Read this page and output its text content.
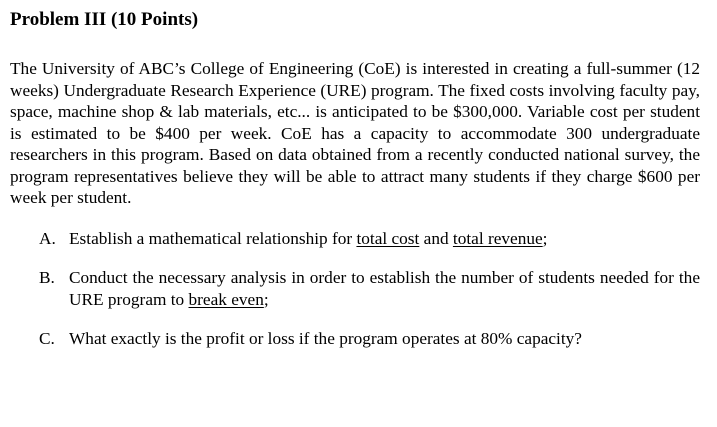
Problem III (10 Points)

The University of ABC’s College of Engineering (CoE) is interested in creating a full-summer (12 weeks) Undergraduate Research Experience (URE) program. The fixed costs involving faculty pay, space, machine shop & lab materials, etc... is anticipated to be $300,000. Variable cost per student is estimated to be $400 per week. CoE has a capacity to accommodate 300 undergraduate researchers in this program. Based on data obtained from a recently conducted national survey, the program representatives believe they will be able to attract many students if they charge $600 per week per student.

A. Establish a mathematical relationship for total cost and total revenue;
B. Conduct the necessary analysis in order to establish the number of students needed for the URE program to break even;
C. What exactly is the profit or loss if the program operates at 80% capacity?
